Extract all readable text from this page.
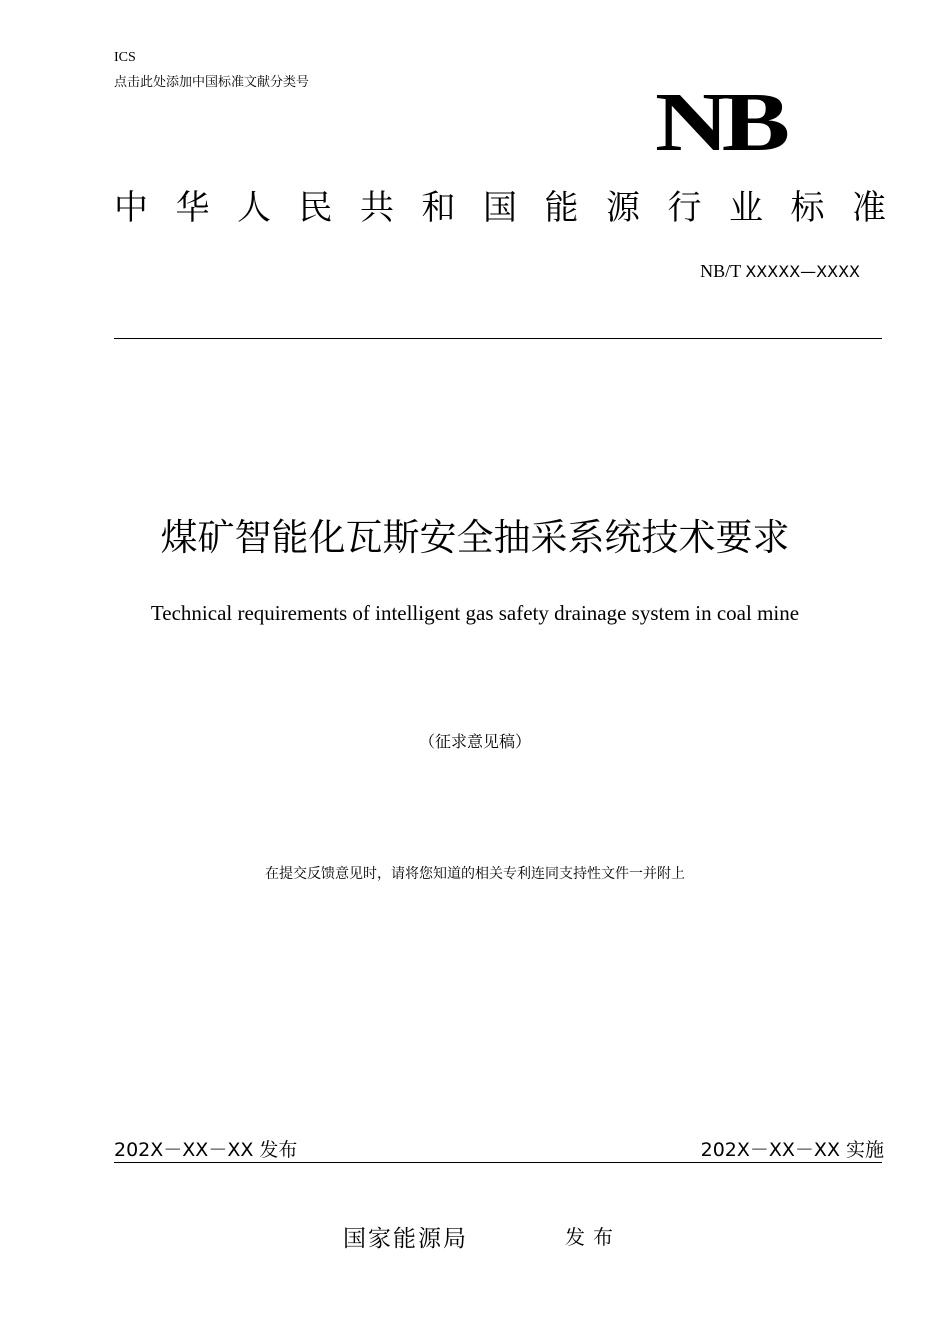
ICS
点击此处添加中国标准文献分类号	NB
中 华 人 民 共 和 国 能 源 行 业 标 准
NB/T XXXXX—XXXX
煤矿智能化瓦斯安全抽采系统技术要求
Technical requirements of intelligent gas safety drainage system in coal mine
（征求意见稿）
在提交反馈意见时，请将您知道的相关专利连同支持性文件一并附上
202X－XX－XX 发布	202X－XX－XX 实施
国家能源局	发布
